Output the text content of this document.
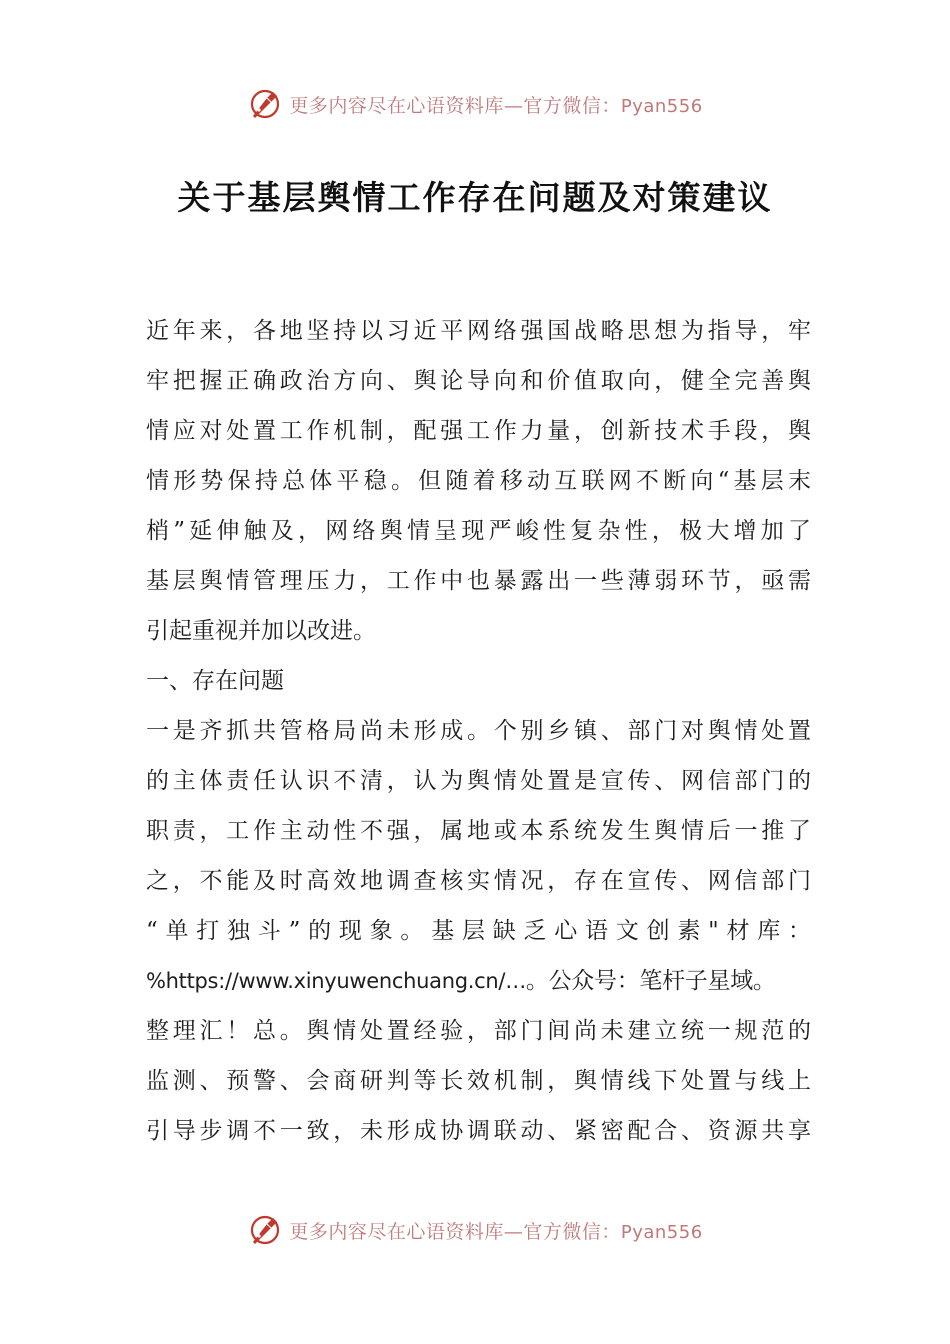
更多内容尽在心语资料库—官方微信：Pyan556
关于基层舆情工作存在问题及对策建议
近年来，各地坚持以习近平网络强国战略思想为指导，牢
牢把握正确政治方向、舆论导向和价值取向，健全完善舆
情应对处置工作机制，配强工作力量，创新技术手段，舆
情形势保持总体平稳。但随着移动互联网不断向“基层末
梢”延伸触及，网络舆情呈现严峻性复杂性，极大增加了
基层舆情管理压力，工作中也暴露出一些薄弱环节，亟需
引起重视并加以改进。
一、存在问题
一是齐抓共管格局尚未形成。个别乡镇、部门对舆情处置
的主体责任认识不清，认为舆情处置是宣传、网信部门的
职责，工作主动性不强，属地或本系统发生舆情后一推了
之，不能及时高效地调查核实情况，存在宣传、网信部门
“单打独斗”的现象。基层缺乏心语文创素"材库：
%https://www.xinyuwenchuang.cn/…。公众号：笔杆子星域。
整理汇！总。舆情处置经验，部门间尚未建立统一规范的
监测、预警、会商研判等长效机制，舆情线下处置与线上
引导步调不一致，未形成协调联动、紧密配合、资源共享
更多内容尽在心语资料库—官方微信：Pyan556
